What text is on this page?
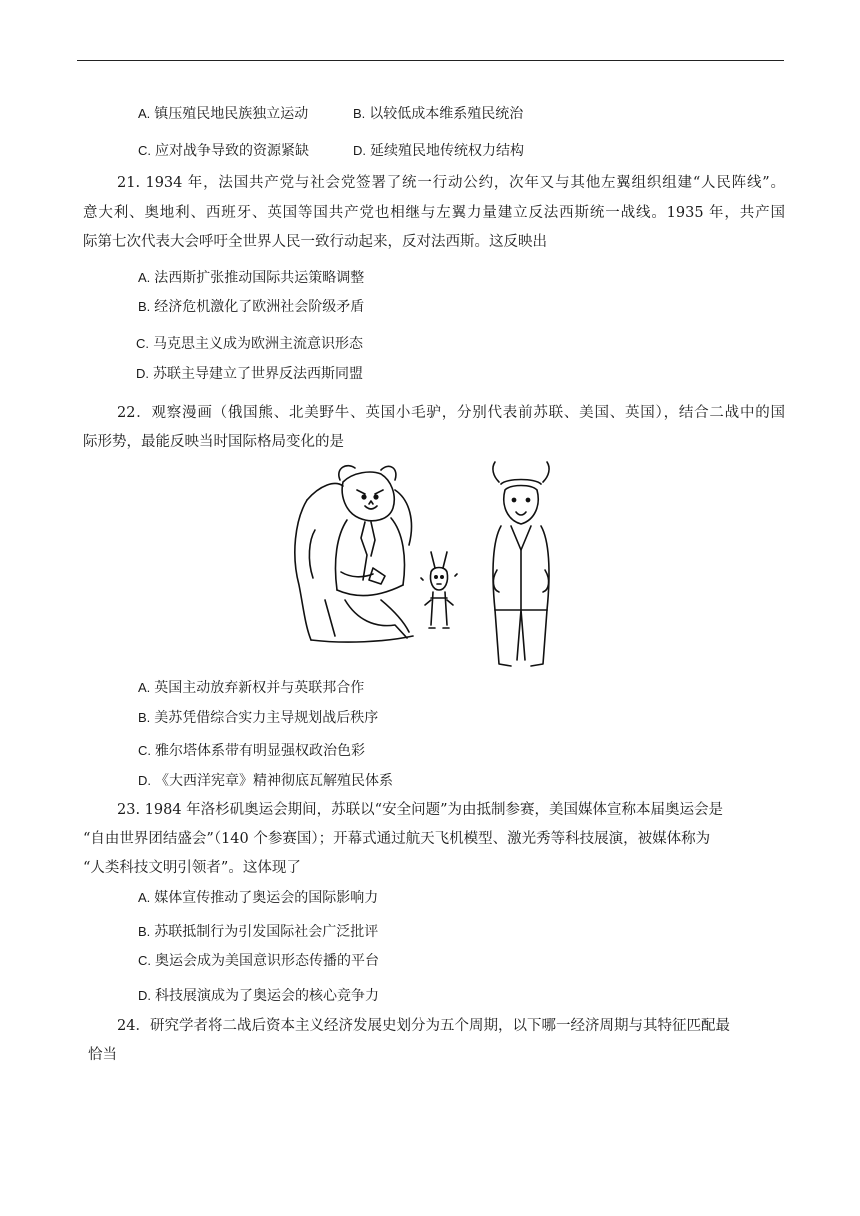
A. 镇压殖民地民族独立运动	B. 以较低成本维系殖民统治
C. 应对战争导致的资源紧缺	D. 延续殖民地传统权力结构
21. 1934 年，法国共产党与社会党签署了统一行动公约，次年又与其他左翼组织组建“人民阵线”。
意大利、奥地利、西班牙、英国等国共产党也相继与左翼力量建立反法西斯统一战线。1935 年，共产国
际第七次代表大会呼吁全世界人民一致行动起来，反对法西斯。这反映出
A. 法西斯扩张推动国际共运策略调整
B. 经济危机激化了欧洲社会阶级矛盾
C. 马克思主义成为欧洲主流意识形态
D. 苏联主导建立了世界反法西斯同盟
22．观察漫画（俄国熊、北美野牛、英国小毛驴，分别代表前苏联、美国、英国），结合二战中的国
际形势，最能反映当时国际格局变化的是
A. 英国主动放弃新权并与英联邦合作
B. 美苏凭借综合实力主导规划战后秩序
C. 雅尔塔体系带有明显强权政治色彩
D. 《大西洋宪章》精神彻底瓦解殖民体系
23. 1984 年洛杉矶奥运会期间，苏联以“安全问题”为由抵制参赛，美国媒体宣称本届奥运会是
“自由世界团结盛会”（140 个参赛国）；开幕式通过航天飞机模型、激光秀等科技展演，被媒体称为
“人类科技文明引领者”。这体现了
A. 媒体宣传推动了奥运会的国际影响力
B. 苏联抵制行为引发国际社会广泛批评
C. 奥运会成为美国意识形态传播的平台
D. 科技展演成为了奥运会的核心竞争力
24．研究学者将二战后资本主义经济发展史划分为五个周期，以下哪一经济周期与其特征匹配最
恰当
